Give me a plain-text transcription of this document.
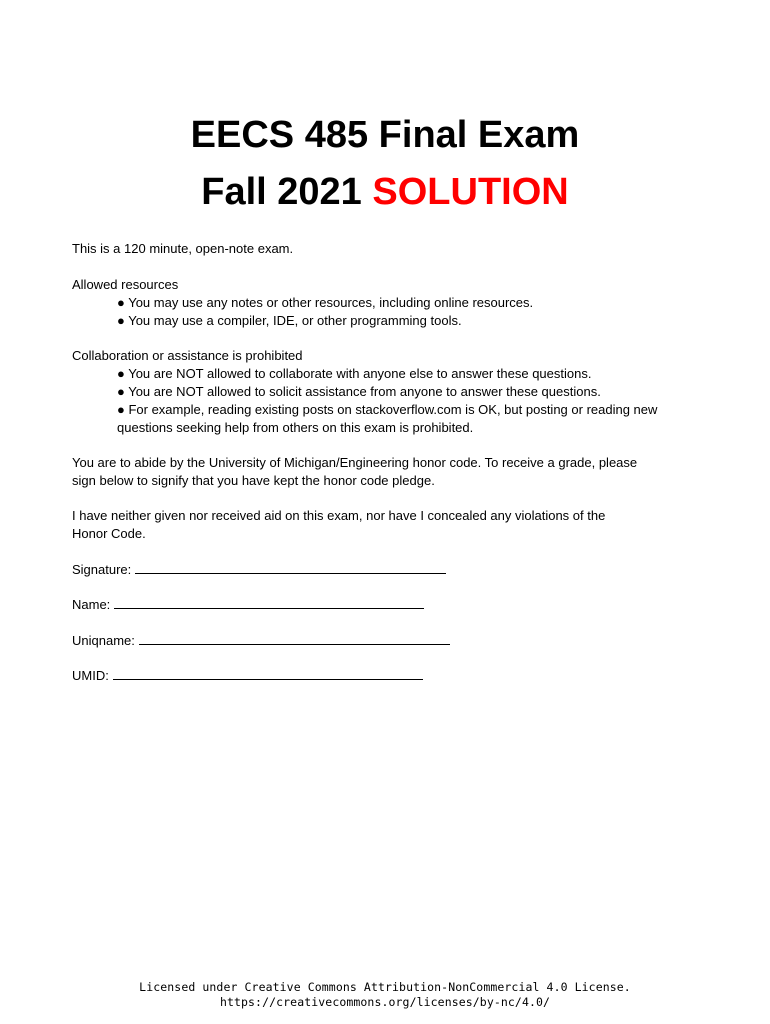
EECS 485 Final Exam
Fall 2021 SOLUTION

This is a 120 minute, open-note exam.

Allowed resources

● You may use any notes or other resources, including online resources.

● You may use a compiler, IDE, or other programming tools.

Collaboration or assistance is prohibited

● You are NOT allowed to collaborate with anyone else to answer these questions.

● You are NOT allowed to solicit assistance from anyone to answer these questions.

● For example, reading existing posts on stackoverflow.com is OK, but posting or reading new

questions seeking help from others on this exam is prohibited.

You are to abide by the University of Michigan/Engineering honor code. To receive a grade, please

sign below to signify that you have kept the honor code pledge.

I have neither given nor received aid on this exam, nor have I concealed any violations of the

Honor Code.

Signature:

Name:

Uniqname:

UMID:

Licensed under Creative Commons Attribution-NonCommercial 4.0 License.
https://creativecommons.org/licenses/by-nc/4.0/
